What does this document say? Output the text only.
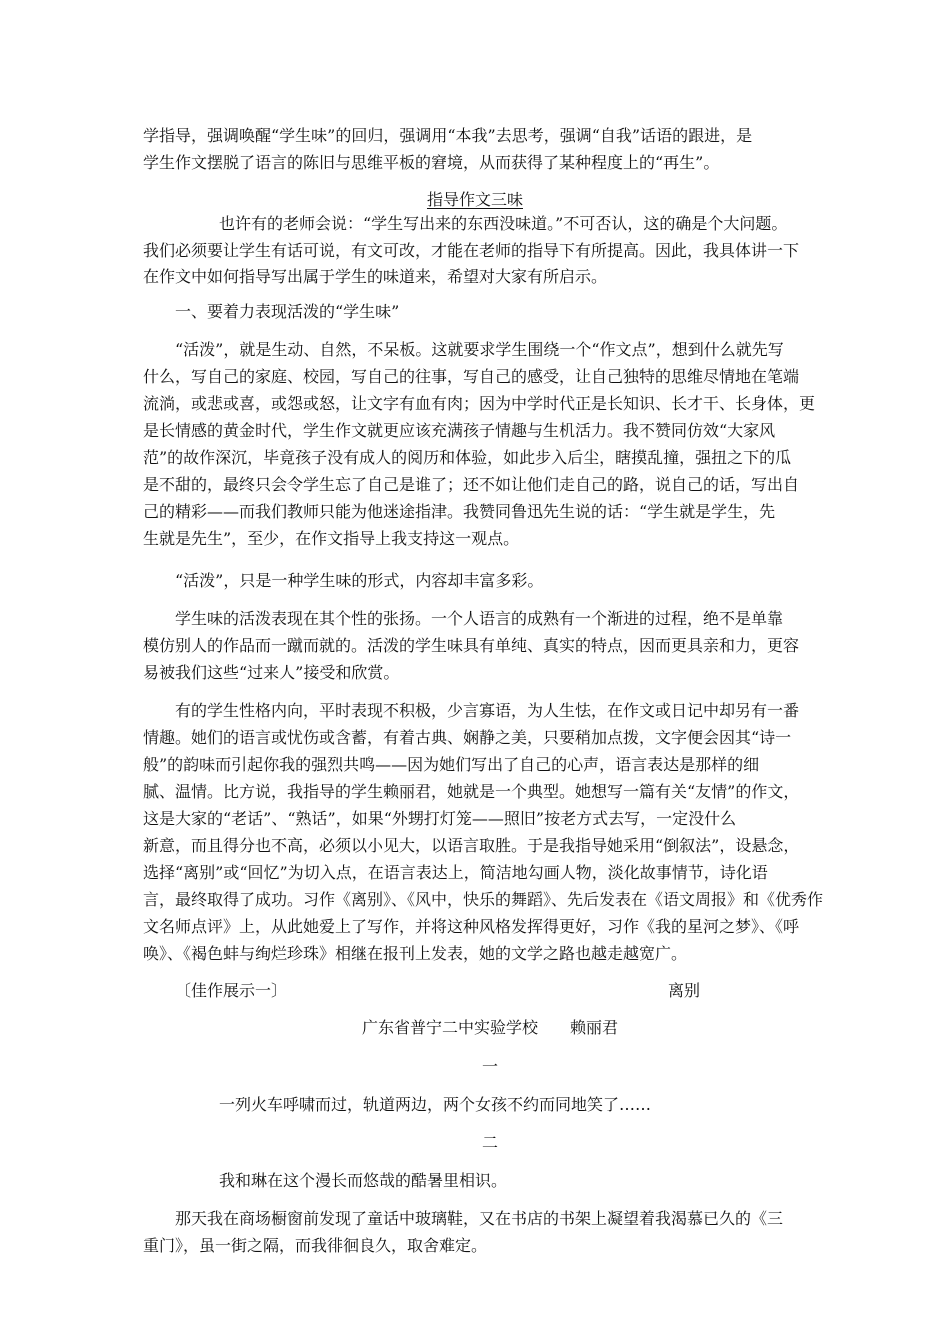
学指导，强调唤醒“学生味”的回归，强调用“本我”去思考，强调“自我”话语的跟进，是
学生作文摆脱了语言的陈旧与思维平板的窘境，从而获得了某种程度上的“再生”。
指导作文三味
也许有的老师会说：“学生写出来的东西没味道。”不可否认，这的确是个大问题。
我们必须要让学生有话可说，有文可改，才能在老师的指导下有所提高。因此，我具体讲一下
在作文中如何指导写出属于学生的味道来，希望对大家有所启示。
一、要着力表现活泼的“学生味”
“活泼”，就是生动、自然，不呆板。这就要求学生围绕一个“作文点”，想到什么就先写
什么，写自己的家庭、校园，写自己的往事，写自己的感受，让自己独特的思维尽情地在笔端
流淌，或悲或喜，或怨或怒，让文字有血有肉；因为中学时代正是长知识、长才干、长身体，更
是长情感的黄金时代，学生作文就更应该充满孩子情趣与生机活力。我不赞同仿效“大家风
范”的故作深沉，毕竟孩子没有成人的阅历和体验，如此步入后尘，瞎摸乱撞，强扭之下的瓜
是不甜的，最终只会令学生忘了自己是谁了；还不如让他们走自己的路，说自己的话，写出自
己的精彩——而我们教师只能为他迷途指津。我赞同鲁迅先生说的话：“学生就是学生，先
生就是先生”，至少，在作文指导上我支持这一观点。
“活泼”，只是一种学生味的形式，内容却丰富多彩。
学生味的活泼表现在其个性的张扬。一个人语言的成熟有一个渐进的过程，绝不是单靠
模仿别人的作品而一蹴而就的。活泼的学生味具有单纯、真实的特点，因而更具亲和力，更容
易被我们这些“过来人”接受和欣赏。
有的学生性格内向，平时表现不积极，少言寡语，为人生怯，在作文或日记中却另有一番
情趣。她们的语言或忧伤或含蓄，有着古典、娴静之美，只要稍加点拨，文字便会因其“诗一
般”的韵味而引起你我的强烈共鸣——因为她们写出了自己的心声，语言表达是那样的细
腻、温情。比方说，我指导的学生赖丽君，她就是一个典型。她想写一篇有关“友情”的作文，
这是大家的“老话”、“熟话”，如果“外甥打灯笼——照旧”按老方式去写，一定没什么
新意，而且得分也不高，必须以小见大，以语言取胜。于是我指导她采用“倒叙法”，设悬念，
选择“离别”或“回忆”为切入点，在语言表达上，简洁地勾画人物，淡化故事情节，诗化语
言，最终取得了成功。习作《离别》、《风中，快乐的舞蹈》、先后发表在《语文周报》和《优秀作
文名师点评》上，从此她爱上了写作，并将这种风格发挥得更好，习作《我的星河之梦》、《呼
唤》、《褐色蚌与绚烂珍珠》相继在报刊上发表，她的文学之路也越走越宽广。
〔佳作展示一〕	离别
广东省普宁二中实验学校　　赖丽君
一
一列火车呼啸而过，轨道两边，两个女孩不约而同地笑了……
二
我和琳在这个漫长而悠哉的酷暑里相识。
那天我在商场橱窗前发现了童话中玻璃鞋，又在书店的书架上凝望着我渴慕已久的《三
重门》，虽一街之隔，而我徘徊良久，取舍难定。
